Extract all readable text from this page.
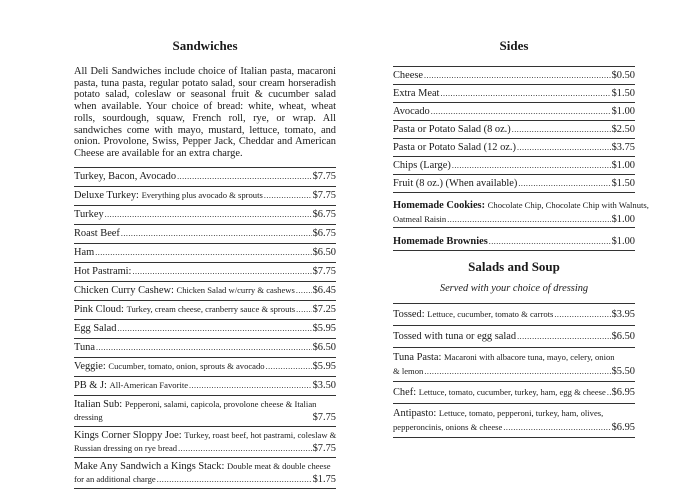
Sandwiches
All Deli Sandwiches include choice of Italian pasta, macaroni pasta, tuna pasta, regular potato salad, sour cream horseradish potato salad, coleslaw or seasonal fruit & cucumber salad when available. Your choice of bread: white, wheat, wheat rolls, sourdough, squaw, French roll, rye, or wrap. All sandwiches come with mayo, mustard, lettuce, tomato, and onion. Provolone, Swiss, Pepper Jack, Cheddar and American Cheese are available for an extra charge.
Turkey, Bacon, Avocado .....	$7.75
Deluxe Turkey: Everything plus avocado & sprouts .....	$7.75
Turkey .....	$6.75
Roast Beef .....	$6.75
Ham .....	$6.50
Hot Pastrami: .....	$7.75
Chicken Curry Cashew: Chicken Salad w/curry & cashews ..... $6.45
Pink Cloud: Turkey, cream cheese, cranberry sauce & sprouts ..... $7.25
Egg Salad .....	$5.95
Tuna .....	$6.50
Veggie: Cucumber, tomato, onion, sprouts & avocado .....	$5.95
PB & J: All-American Favorite .....	$3.50
Italian Sub: Pepperoni, salami, capicola, provolone cheese & Italian
dressing	$7.75
Kings Corner Sloppy Joe: Turkey, roast beef, hot pastrami, coleslaw &
Russian dressing on rye bread .....	$7.75
Make Any Sandwich a Kings Stack: Double meat & double cheese
for an additional charge .....	$1.75
Sides
Cheese .....	$0.50
Extra Meat .....	$1.50
Avocado .....	$1.00
Pasta or Potato Salad (8 oz.) .....	$2.50
Pasta or Potato Salad (12 oz.) .....	$3.75
Chips (Large) .....	$1.00
Fruit (8 oz.) (When available) .....	$1.50
Homemade Cookies: Chocolate Chip, Chocolate Chip with Walnuts,
Oatmeal Raisin .....	$1.00
Homemade Brownies .....	$1.00
Salads and Soup
Served with your choice of dressing
Tossed: Lettuce, cucumber, tomato & carrots .....	$3.95
Tossed with tuna or egg salad .....	$6.50
Tuna Pasta: Macaroni with albacore tuna, mayo, celery, onion
& lemon .....	$5.50
Chef: Lettuce, tomato, cucumber, turkey, ham, egg & cheese ..... $6.95
Antipasto: Lettuce, tomato, pepperoni, turkey, ham, olives,
pepperoncinis, onions & cheese .....	$6.95
